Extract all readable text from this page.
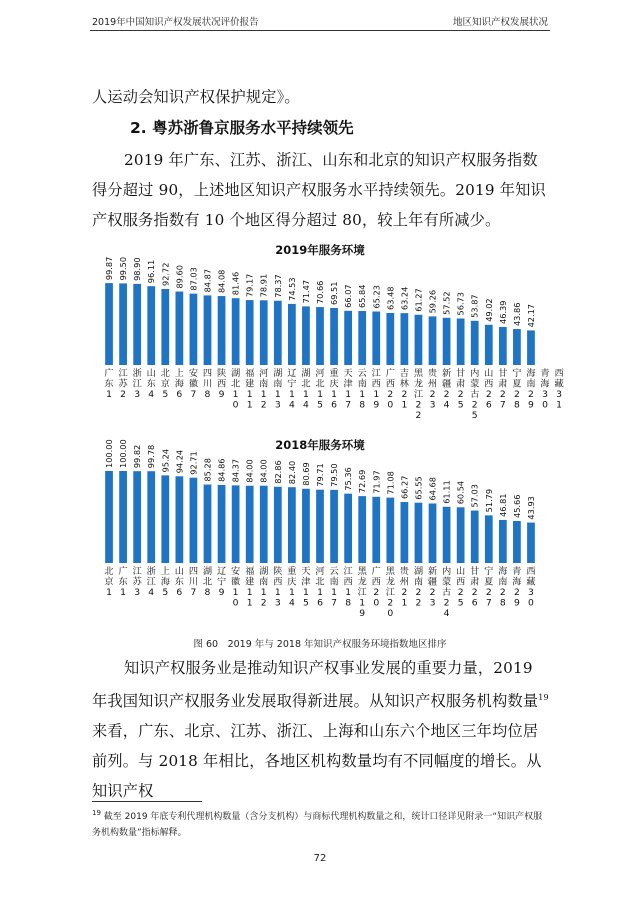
2019年中国知识产权发展状况评价报告	地区知识产权发展状况

人运动会知识产权保护规定》。

2. 粤苏浙鲁京服务水平持续领先

2019 年广东、江苏、浙江、山东和北京的知识产权服务指数得分超过 90，上述地区知识产权服务水平持续领先。2019 年知识产权服务指数有 10 个地区得分超过 80，较上年有所减少。

2019年服务环境
99.87 99.50 98.90 96.11 92.72 89.60 87.03 84.87 84.08 81.46 79.17 78.91 78.37 74.53 71.47 70.66 69.51 66.07 65.84 65.23 63.48 63.24 61.27 59.26 57.52 56.73 53.87 49.02 46.39 43.86 42.17
广东 1
江苏 2
浙江 3
山东 4
北京 5
上海 6
安徽 7
四川 8
陕西 9
湖北 1 0
福建 1 1
河南 1 2
湖南 1 3
辽宁 1 4
湖北 1 4
河北 1 5
重庆 1 6
天津 1 7
云南 1 8
江西 1 9
广西 2 0
吉林 2 1
黑龙江 2 2
贵州 2 3
新疆 2 4
甘肃 2 5
内蒙古 2 5
山西 2 6
甘肃 2 7
宁夏 2 8
海南 2 9
青海 3 0
西藏 3 1
2018年服务环境
100.00 100.00 99.82 99.78 95.24 94.24 92.71 85.28 84.86 84.37 84.00 84.00 82.86 82.40 80.69 79.71 79.50 75.36 72.69 71.97 71.08 66.27 65.55 64.68 61.11 60.54 57.03 51.79 46.81 45.66 43.93
北京 1
广东 1
江苏 3
浙江 4
上海 5
山东 6
四川 7
湖北 8
辽宁 9
安徽 1 0
福建 1 1
湖南 1 2
陕西 1 3
重庆 1 4
天津 1 5
河北 1 6
云南 1 7
江西 1 8
黑龙江 1 9
广西 2 0
黑龙江 2 0
贵州 2 1
湖南 2 2
新疆 2 3
内蒙古 2 4
山西 2 5
甘肃 2 6
宁夏 2 7
海南 2 8
青海 2 9
西藏 3 0
图 60　2019 年与 2018 年知识产权服务环境指数地区排序

知识产权服务业是推动知识产权事业发展的重要力量，2019 年我国知识产权服务业发展取得新进展。从知识产权服务机构数量$^{19}$来看，广东、北京、江苏、浙江、上海和山东六个地区三年均位居前列。与 2018 年相比，各地区机构数量均有不同幅度的增长。从知识产权

$^{19}$ 截至 2019 年底专利代理机构数量（含分支机构）与商标代理机构数量之和，统计口径详见附录一“知识产权服务机构数量”指标解释。

72
